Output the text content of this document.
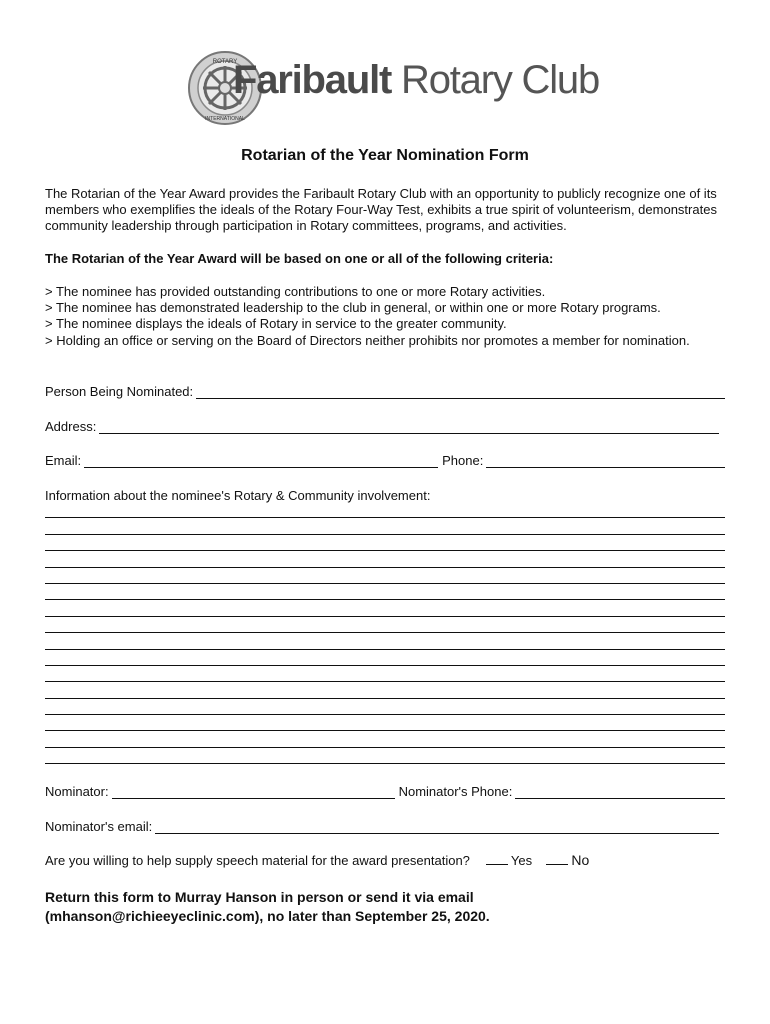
ROTARY
INTERNATIONAL
Faribault Rotary Club
Rotarian of the Year Nomination Form

The Rotarian of the Year Award provides the Faribault Rotary Club with an opportunity to publicly recognize one of its members who exemplifies the ideals of the Rotary Four-Way Test, exhibits a true spirit of volunteerism, demonstrates community leadership through participation in Rotary committees, programs, and activities.

The Rotarian of the Year Award will be based on one or all of the following criteria:

> The nominee has provided outstanding contributions to one or more Rotary activities.
> The nominee has demonstrated leadership to the club in general, or within one or more Rotary programs.
> The nominee displays the ideals of Rotary in service to the greater community.
> Holding an office or serving on the Board of Directors neither prohibits nor promotes a member for nomination.
Person Being Nominated:
Address:
Email:	Phone:
Information about the nominee's Rotary & Community involvement:
Nominator:	Nominator's Phone:
Nominator's email:
Are you willing to help supply speech material for the award presentation?	Yes	No

Return this form to Murray Hanson in person or send it via email
(mhanson@richieeyeclinic.com), no later than September 25, 2020.
